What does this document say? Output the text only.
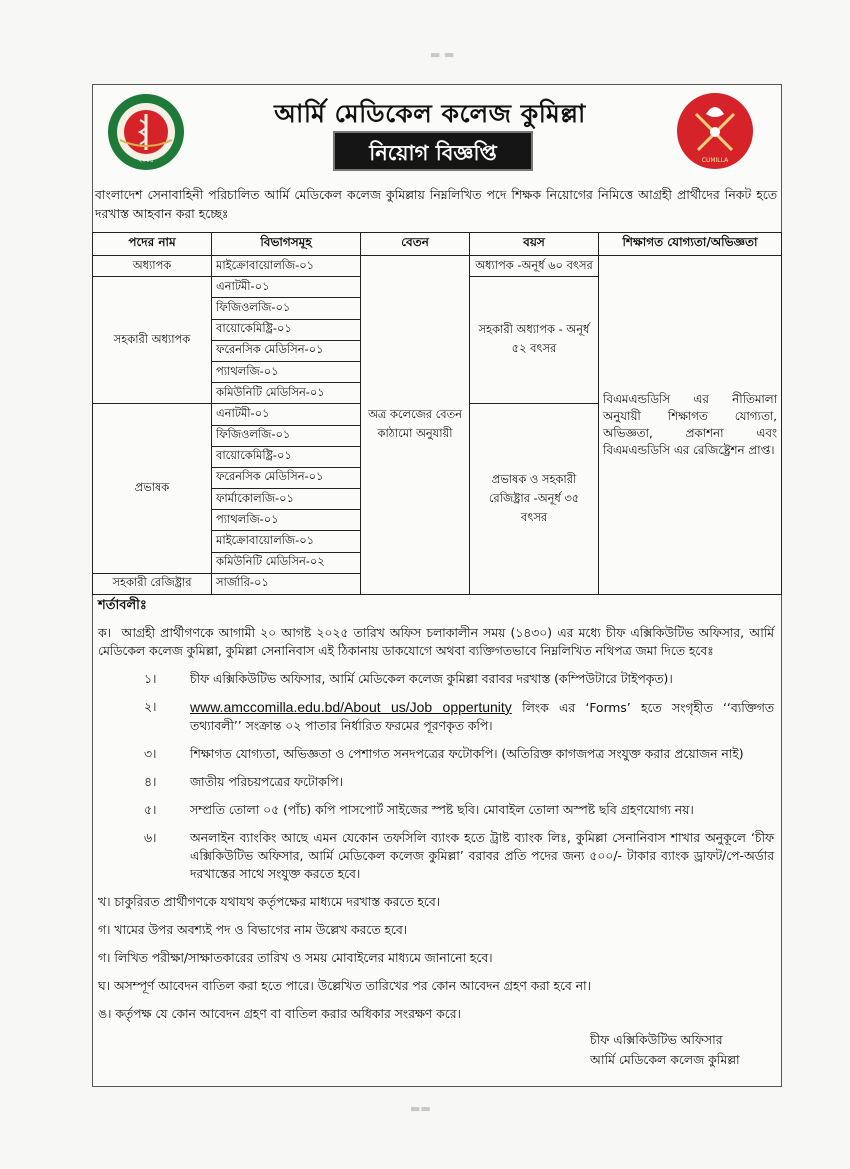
▬ ▬
২০১৪
আর্মি মেডিকেল কলেজ কুমিল্লা
নিয়োগ বিজ্ঞপ্তি	CUMILLA
বাংলাদেশ সেনাবাহিনী পরিচালিত আর্মি মেডিকেল কলেজ কুমিল্লায় নিম্নলিখিত পদে শিক্ষক নিয়োগের নিমিত্তে আগ্রহী প্রার্থীদের নিকট হতে দরখাস্ত আহবান করা হচ্ছেঃ
পদের নাম	বিভাগসমূহ	বেতন	বয়স	শিক্ষাগত যোগ্যতা/অভিজ্ঞতা
অধ্যাপক	মাইক্রোবায়োলজি-০১	অত্র কলেজের বেতন কাঠামো অনুযায়ী	অধ্যাপক -অনূর্ধ ৬০ বৎসর	বিএমএন্ডডিসি এর নীতিমালা অনুযায়ী শিক্ষাগত যোগ্যতা, অভিজ্ঞতা, প্রকাশনা এবং বিএমএন্ডডিসি এর রেজিষ্ট্রেশন প্রাপ্ত।
সহকারী অধ্যাপক	এনাটমী-০১		সহকারী অধ্যাপক - অনূর্ধ ৫২ বৎসর	
	ফিজিওলজি-০১			
	বায়োকেমিষ্ট্রি-০১			
	ফরেনসিক মেডিসিন-০১			
	প্যাথলজি-০১			
	কমিউনিটি মেডিসিন-০১			
প্রভাষক	এনাটমী-০১		প্রভাষক ও সহকারী রেজিষ্ট্রার -অনূর্ধ ৩৫ বৎসর	
	ফিজিওলজি-০১			
	বায়োকেমিষ্ট্রি-০১			
	ফরেনসিক মেডিসিন-০১			
	ফার্মাকোলজি-০১			
	প্যাথলজি-০১			
	মাইক্রোবায়োলজি-০১			
	কমিউনিটি মেডিসিন-০২			
সহকারী রেজিষ্ট্রার	সার্জারি-০১			
শর্তাবলীঃ
ক। আগ্রহী প্রার্থীগণকে আগামী ২০ আগষ্ট ২০২৫ তারিখ অফিস চলাকালীন সময় (১৪৩০) এর মধ্যে চীফ এক্সিকিউটিভ অফিসার, আর্মি মেডিকেল কলেজ কুমিল্লা, কুমিল্লা সেনানিবাস এই ঠিকানায় ডাকযোগে অথবা ব্যক্তিগতভাবে নিম্নলিখিত নথিপত্র জমা দিতে হবেঃ
১।	চীফ এক্সিকিউটিভ অফিসার, আর্মি মেডিকেল কলেজ কুমিল্লা বরাবর দরখাস্ত (কম্পিউটারে টাইপকৃত)।
২।	www.amccomilla.edu.bd/About us/Job oppertunity লিংক এর ‘Forms’ হতে সংগৃহীত ‘‘ব্যক্তিগত তথ্যাবলী’’ সংক্রান্ত ০২ পাতার নির্ধারিত ফরমের পূরণকৃত কপি।
৩।	শিক্ষাগত যোগ্যতা, অভিজ্ঞতা ও পেশাগত সনদপত্রের ফটোকপি। (অতিরিক্ত কাগজপত্র সংযুক্ত করার প্রয়োজন নাই)
৪।	জাতীয় পরিচয়পত্রের ফটোকপি।
৫।	সম্প্রতি তোলা ০৫ (পাঁচ) কপি পাসপোর্ট সাইজের স্পষ্ট ছবি। মোবাইল তোলা অস্পষ্ট ছবি গ্রহণযোগ্য নয়।
৬।	অনলাইন ব্যাংকিং আছে এমন যেকোন তফসিলি ব্যাংক হতে ট্রাষ্ট ব্যাংক লিঃ, কুমিল্লা সেনানিবাস শাখার অনুকূলে ‘চীফ এক্সিকিউটিভ অফিসার, আর্মি মেডিকেল কলেজ কুমিল্লা’ বরাবর প্রতি পদের জন্য ৫০০/- টাকার ব্যাংক ড্রাফট/পে-অর্ডার দরখাস্তের সাথে সংযুক্ত করতে হবে।
খ। চাকুরিরত প্রার্থীগণকে যথাযথ কর্তৃপক্ষের মাধ্যমে দরখাস্ত করতে হবে।
গ। খামের উপর অবশ্যই পদ ও বিভাগের নাম উল্লেখ করতে হবে।
গ। লিখিত পরীক্ষা/সাক্ষাতকারের তারিখ ও সময় মোবাইলের মাধ্যমে জানানো হবে।
ঘ। অসম্পূর্ণ আবেদন বাতিল করা হতে পারে। উল্লেখিত তারিখের পর কোন আবেদন গ্রহণ করা হবে না।
ঙ। কর্তৃপক্ষ যে কোন আবেদন গ্রহণ বা বাতিল করার অধিকার সংরক্ষণ করে।
চীফ এক্সিকিউটিভ অফিসার
আর্মি মেডিকেল কলেজ কুমিল্লা
▬▬
